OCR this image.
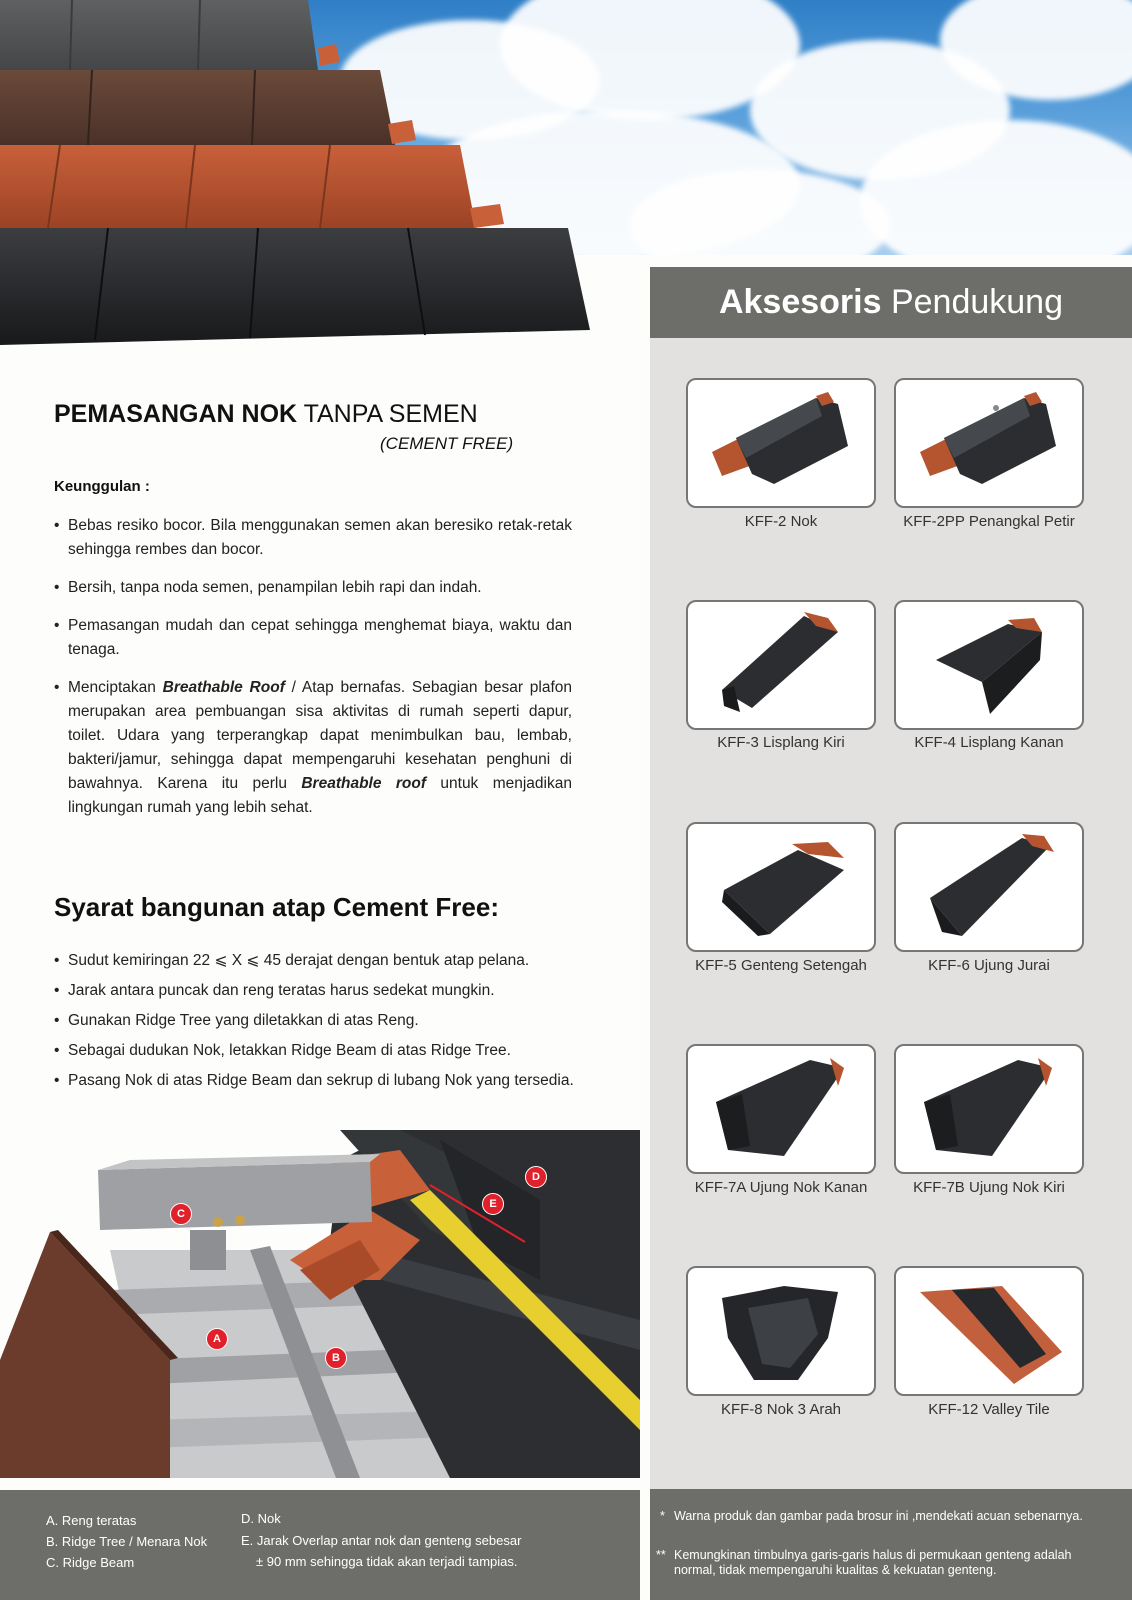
Aksesoris Pendukung
KFF-2 Nok	KFF-2PP Penangkal Petir
KFF-3 Lisplang Kiri	KFF-4 Lisplang Kanan
KFF-5 Genteng Setengah	KFF-6 Ujung Jurai
KFF-7A Ujung Nok Kanan	KFF-7B Ujung Nok Kiri
KFF-8 Nok 3 Arah	KFF-12 Valley Tile
* Warna produk dan gambar pada brosur ini ,mendekati acuan sebenarnya.
** Kemungkinan timbulnya garis-garis halus di permukaan genteng adalah normal, tidak mempengaruhi kualitas & kekuatan genteng.
PEMASANGAN NOK TANPA SEMEN
(CEMENT FREE)
Keunggulan :
• Bebas resiko bocor. Bila menggunakan semen akan beresiko retak-retak sehingga rembes dan bocor.
• Bersih, tanpa noda semen, penampilan lebih rapi dan indah.
• Pemasangan mudah dan cepat sehingga menghemat biaya, waktu dan tenaga.
• Menciptakan Breathable Roof / Atap bernafas. Sebagian besar plafon merupakan area pembuangan sisa aktivitas di rumah seperti dapur, toilet. Udara yang terperangkap dapat menimbulkan bau, lembab, bakteri/jamur, sehingga dapat mempengaruhi kesehatan penghuni di bawahnya. Karena itu perlu Breathable roof untuk menjadikan lingkungan rumah yang lebih sehat.
Syarat bangunan atap Cement Free:
• Sudut kemiringan 22 ⩽ X ⩽ 45 derajat dengan bentuk atap pelana.
• Jarak antara puncak dan reng teratas harus sedekat mungkin.
• Gunakan Ridge Tree yang diletakkan di atas Reng.
• Sebagai dudukan Nok, letakkan Ridge Beam di atas Ridge Tree.
• Pasang Nok di atas Ridge Beam dan sekrup di lubang Nok yang tersedia.
C
D
E
A
B
A. Reng teratas
B. Ridge Tree / Menara Nok
C. Ridge Beam
D. Nok
E. Jarak Overlap antar nok dan genteng sebesar
± 90 mm sehingga tidak akan terjadi tampias.
